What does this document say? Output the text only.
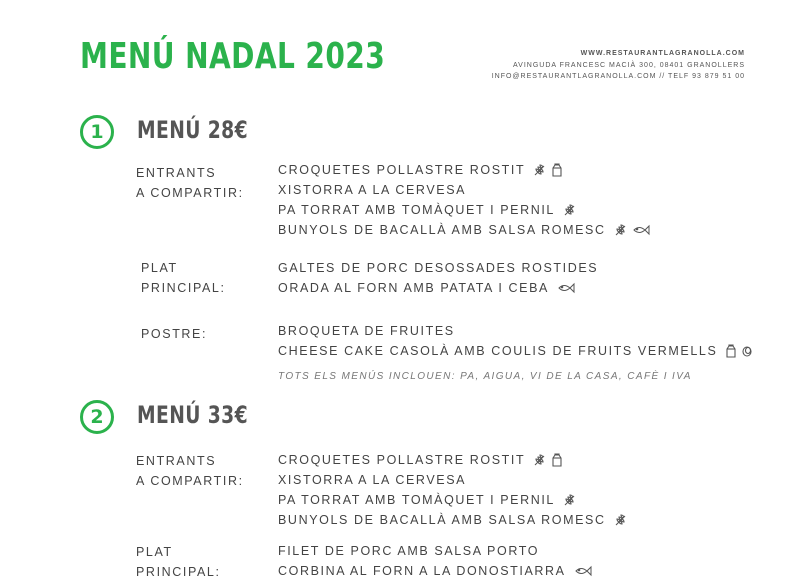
MENÚ NADAL 2023	WWW.RESTAURANTLAGRANOLLA.COM
AVINGUDA FRANCESC MACIÀ 300, 08401 GRANOLLERS
INFO@RESTAURANTLAGRANOLLA.COM // TELF 93 879 51 00
1	MENÚ 28€
ENTRANTS
A COMPARTIR:
CROQUETES POLLASTRE ROSTIT
XISTORRA A LA CERVESA
PA TORRAT AMB TOMÀQUET I PERNIL
BUNYOLS DE BACALLÀ AMB SALSA ROMESC
PLAT
PRINCIPAL:
GALTES DE PORC DESOSSADES ROSTIDES
ORADA AL FORN AMB PATATA I CEBA
POSTRE:	BROQUETA DE FRUITES
CHEESE CAKE CASOLÀ AMB COULIS DE FRUITS VERMELLS
TOTS ELS MENÚS INCLOUEN: PA, AIGUA, VI DE LA CASA, CAFÈ I IVA
2	MENÚ 33€
ENTRANTS
A COMPARTIR:
CROQUETES POLLASTRE ROSTIT
XISTORRA A LA CERVESA
PA TORRAT AMB TOMÀQUET I PERNIL
BUNYOLS DE BACALLÀ AMB SALSA ROMESC
PLAT
PRINCIPAL:
FILET DE PORC AMB SALSA PORTO
CORBINA AL FORN A LA DONOSTIARRA
